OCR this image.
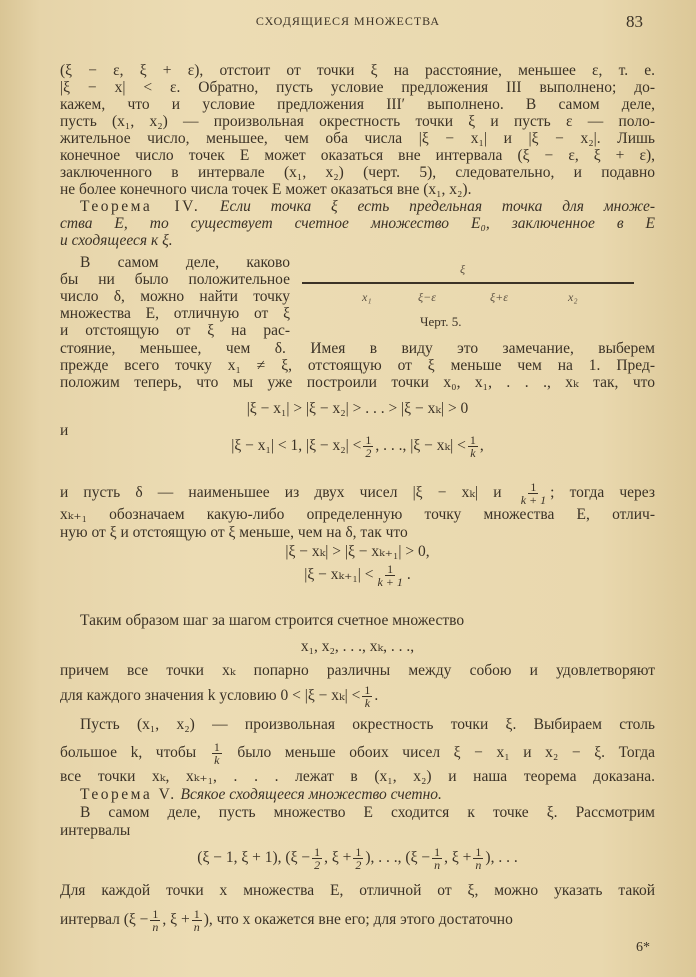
СХОДЯЩИЕСЯ МНОЖЕСТВА	83
ξ
x₁	ξ−ε	ξ+ε	x₂
Черт. 5.
(ξ − ε, ξ + ε), отстоит от точки ξ на расстояние, меньшее ε, т. е.
|ξ − x| < ε. Обратно, пусть условие предложения III выполнено; до-
кажем, что и условие предложения III′ выполнено. В самом деле,
пусть (x₁, x₂) — произвольная окрестность точки ξ и пусть ε — поло-
жительное число, меньшее, чем оба числа |ξ − x₁| и |ξ − x₂|. Лишь
конечное число точек E может оказаться вне интервала (ξ − ε, ξ + ε),
заключенного в интервале (x₁, x₂) (черт. 5), следовательно, и подавно
не более конечного числа точек E может оказаться вне (x₁, x₂).
Теорема IV. Если точка ξ есть предельная точка для множе-
ства E, то существует счетное множество E₀, заключенное в E
и сходящееся к ξ.
В самом деле, каково
бы ни было положительное
число δ, можно найти точку
множества E, отличную от ξ
и отстоящую от ξ на рас-
стояние, меньшее, чем δ. Имея в виду это замечание, выберем
прежде всего точку x₁ ≠ ξ, отстоящую от ξ меньше чем на 1. Пред-
положим теперь, что мы уже построили точки x₀, x₁, . . ., xₖ так, что
|ξ − x₁| > |ξ − x₂| > . . . > |ξ − xₖ| > 0
и
|ξ − x₁| < 1, $|\xi - x_2| < \frac{1}{2}$ , . . ., $|\xi - x_k| < \frac{1}{k}$ ,
и пусть δ — наименьшее из двух чисел |ξ − xₖ| и $\frac{1}{k + 1}$ ; тогда через
xₖ₊₁ обозначаем какую-либо определенную точку множества E, отлич-
ную от ξ и отстоящую от ξ меньше, чем на δ, так что
|ξ − xₖ| > |ξ − xₖ₊₁| > 0,
$|\xi - x_{k+1}| < \frac{1}{k + 1}$ .
Таким образом шаг за шагом строится счетное множество
x₁, x₂, . . ., xₖ, . . .,
причем все точки xₖ попарно различны между собою и удовлетворяют
для каждого значения k условию $0 < |\xi - x_k| < \frac{1}{k}$ .
Пусть (x₁, x₂) — произвольная окрестность точки ξ. Выбираем столь
большое k, чтобы $\frac{1}{k}$ было меньше обоих чисел ξ − x₁ и x₂ − ξ. Тогда
все точки xₖ, xₖ₊₁, . . . лежат в (x₁, x₂) и наша теорема доказана.
Теорема V. Всякое сходящееся множество счетно.
В самом деле, пусть множество E сходится к точке ξ. Рассмотрим
интервалы
(ξ − 1, ξ + 1), ($\xi - \frac{1}{2}$ , $\xi + \frac{1}{2}$ ), . . ., ($\xi - \frac{1}{n}$ , $\xi + \frac{1}{n}$ ), . . .
Для каждой точки x множества E, отличной от ξ, можно указать такой
интервал ($\xi - \frac{1}{n}$ , $\xi + \frac{1}{n}$ ), что x окажется вне его; для этого достаточно
6*
